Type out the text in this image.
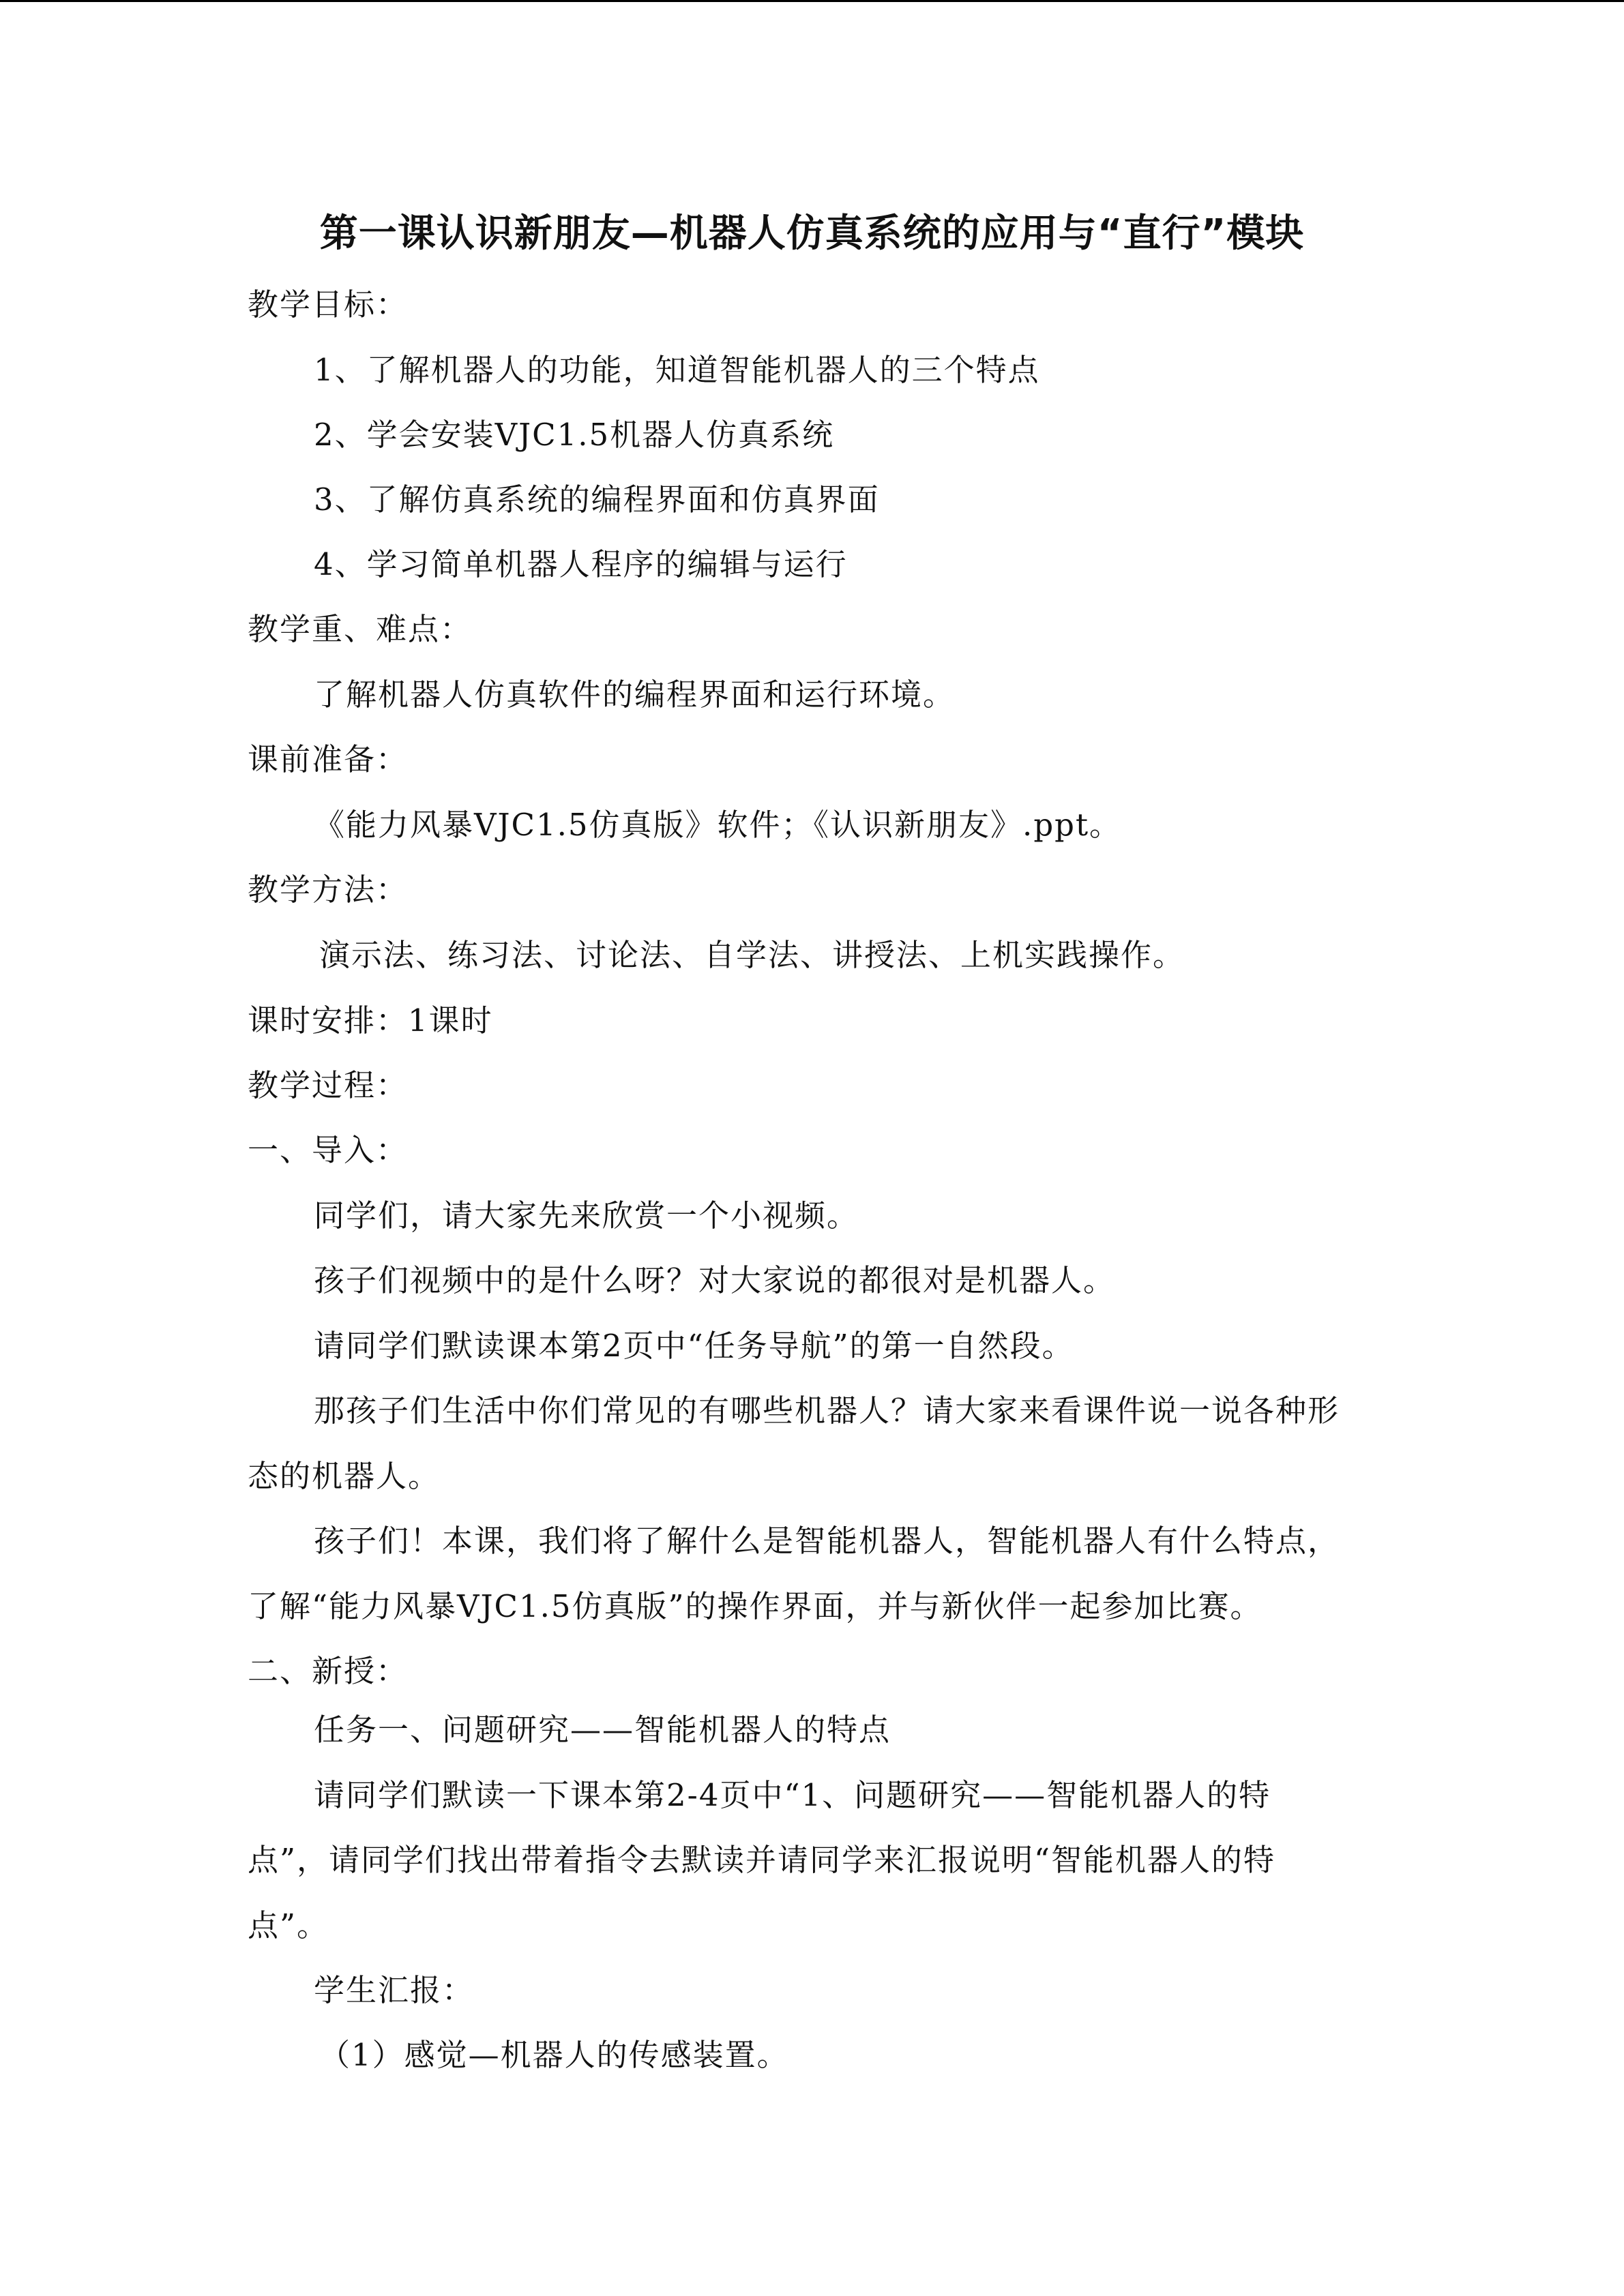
第一课认识新朋友—机器人仿真系统的应用与“直行”模块
教学目标：
1、了解机器人的功能，知道智能机器人的三个特点
2、学会安装VJC1.5机器人仿真系统
3、了解仿真系统的编程界面和仿真界面
4、学习简单机器人程序的编辑与运行
教学重、难点：
了解机器人仿真软件的编程界面和运行环境。
课前准备：
《能力风暴VJC1.5仿真版》软件；《认识新朋友》.ppt。
教学方法：
演示法、练习法、讨论法、自学法、讲授法、上机实践操作。
课时安排：1课时
教学过程：
一、导入：
同学们，请大家先来欣赏一个小视频。
孩子们视频中的是什么呀？对大家说的都很对是机器人。
请同学们默读课本第2页中“任务导航”的第一自然段。
那孩子们生活中你们常见的有哪些机器人？请大家来看课件说一说各种形
态的机器人。
孩子们！本课，我们将了解什么是智能机器人，智能机器人有什么特点，
了解“能力风暴VJC1.5仿真版”的操作界面，并与新伙伴一起参加比赛。
二、新授：
任务一、问题研究——智能机器人的特点
请同学们默读一下课本第2-4页中“1、问题研究——智能机器人的特
点”，请同学们找出带着指令去默读并请同学来汇报说明“智能机器人的特
点”。
学生汇报：
（1）感觉—机器人的传感装置。
